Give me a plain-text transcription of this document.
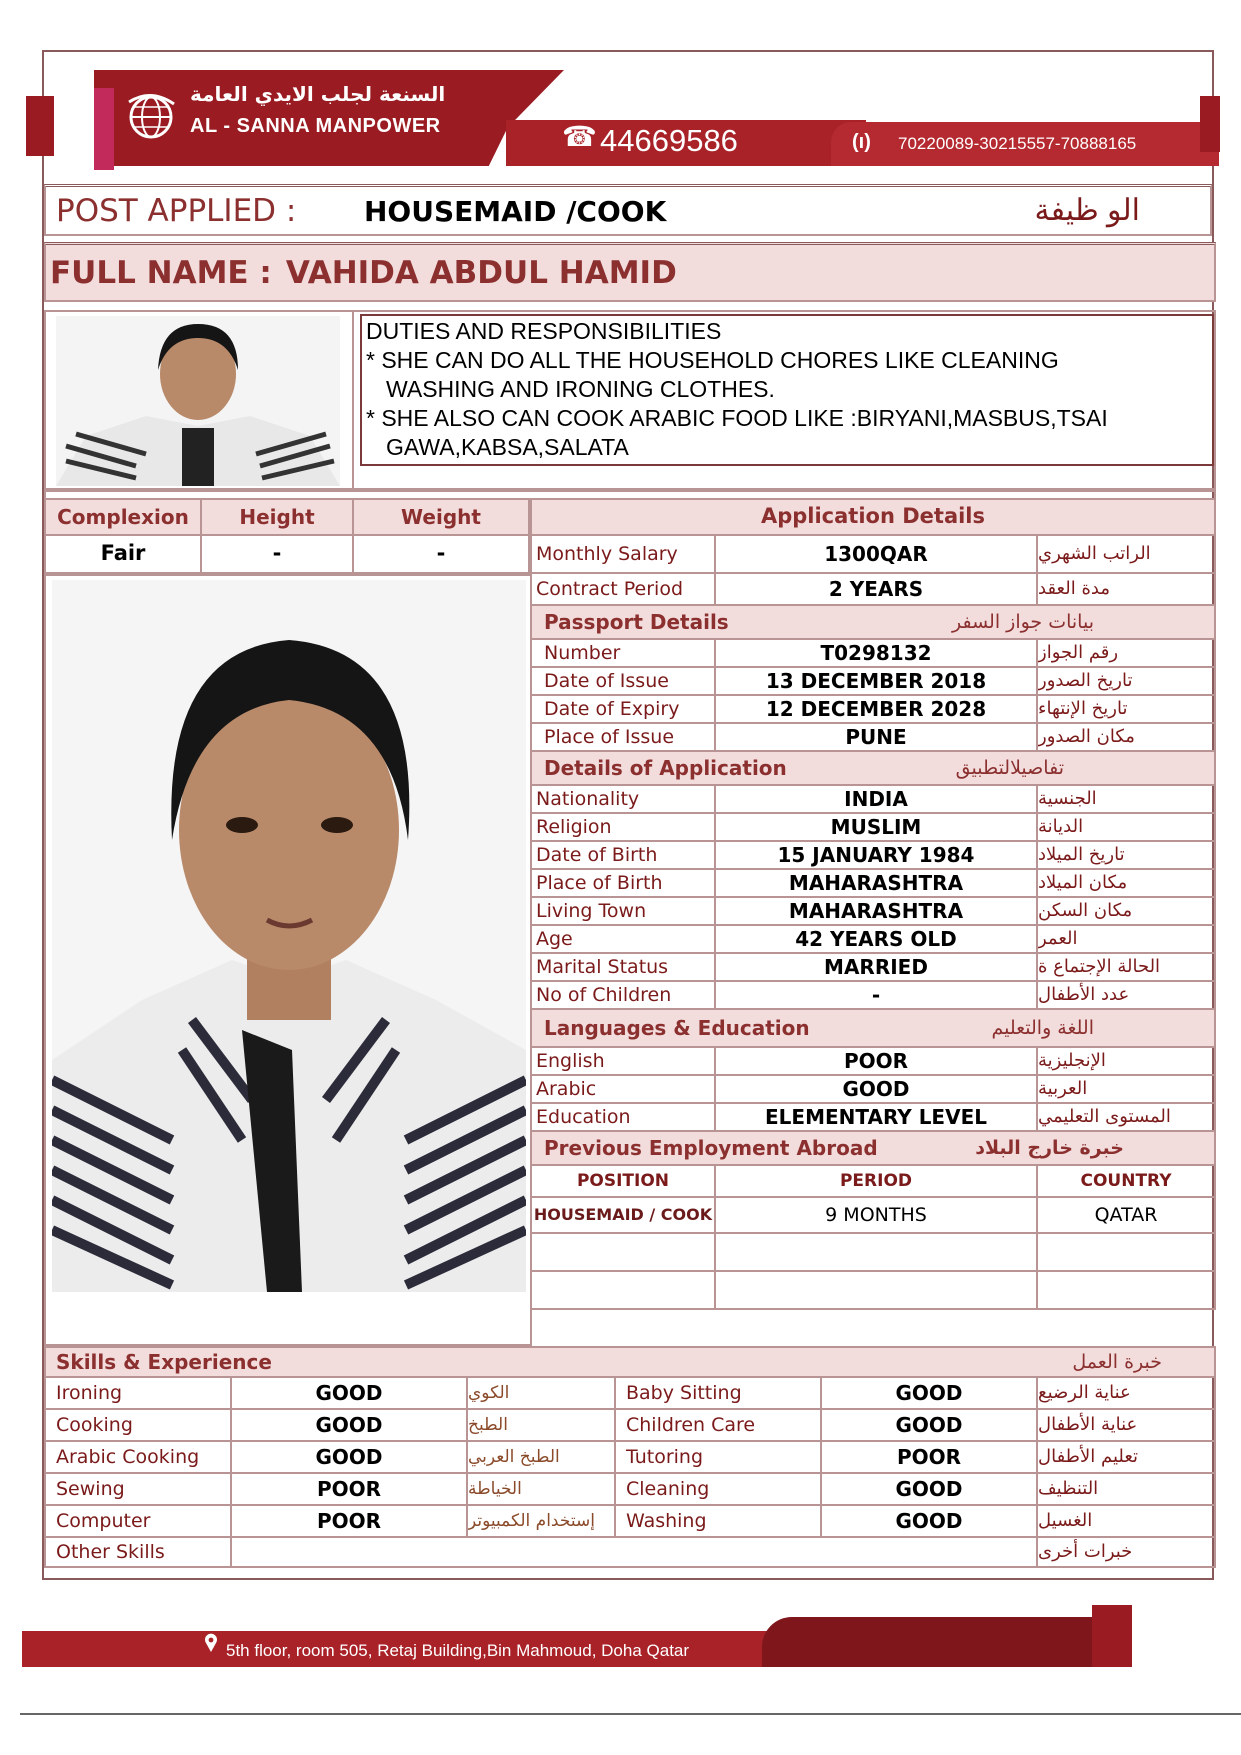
السنعة لجلب الايدي العامة
AL - SANNA MANPOWER	☎ 44669586	(ı) 70220089-30215557-70888165
POST APPLIED : HOUSEMAID /COOK	الو ظيفة
FULL NAME : VAHIDA ABDUL HAMID
DUTIES AND RESPONSIBILITIES
* SHE CAN DO ALL THE HOUSEHOLD CHORES LIKE CLEANING
WASHING AND IRONING CLOTHES.
* SHE ALSO CAN COOK ARABIC FOOD LIKE :BIRYANI,MASBUS,TSAI
GAWA,KABSA,SALATA
Complexion	Height	Weight	Application Details
Fair	-	-	Monthly Salary	1300QAR	الراتب الشهري
Contract Period	2 YEARS	مدة العقد
Passport Details	بيانات جواز السفر
Number	T0298132	رقم الجواز
Date of Issue	13 DECEMBER 2018	تاريخ الصدور
Date of Expiry	12 DECEMBER 2028	تاريخ الإنتهاء
Place of Issue	PUNE	مكان الصدور
Details of Application	تفاصيلالتطبيق
Nationality	INDIA	الجنسية
Religion	MUSLIM	الديانة
Date of Birth	15 JANUARY 1984	تاريخ الميلاد
Place of Birth	MAHARASHTRA	مكان الميلاد
Living Town	MAHARASHTRA	مكان السكن
Age	42 YEARS OLD	العمر
Marital Status	MARRIED	الحالة الإجتماع ة
No of Children	-	عدد الأطفال
Languages & Education	اللغة والتعليم
English	POOR	الإنجليزية
Arabic	GOOD	العربية
Education	ELEMENTARY LEVEL	المستوى التعليمي
Previous Employment Abroad	خبرة خارج البلاد
POSITION	PERIOD	COUNTRY
HOUSEMAID / COOK	9 MONTHS	QATAR
Skills & Experience	خبرة العمل
Ironing	GOOD	الكوي	Baby Sitting	GOOD	عناية الرضيع
Cooking	GOOD	الطبخ	Children Care	GOOD	عناية الأطفال
Arabic Cooking	GOOD	الطبخ العربي	Tutoring	POOR	تعليم الأطفال
Sewing	POOR	الخياطة	Cleaning	GOOD	التنظيف
Computer	POOR	إستخدام الكمبيوتر Washing	GOOD	الغسيل
Other Skills	خبرات أخرى
5th floor, room 505, Retaj Building,Bin Mahmoud, Doha Qatar
